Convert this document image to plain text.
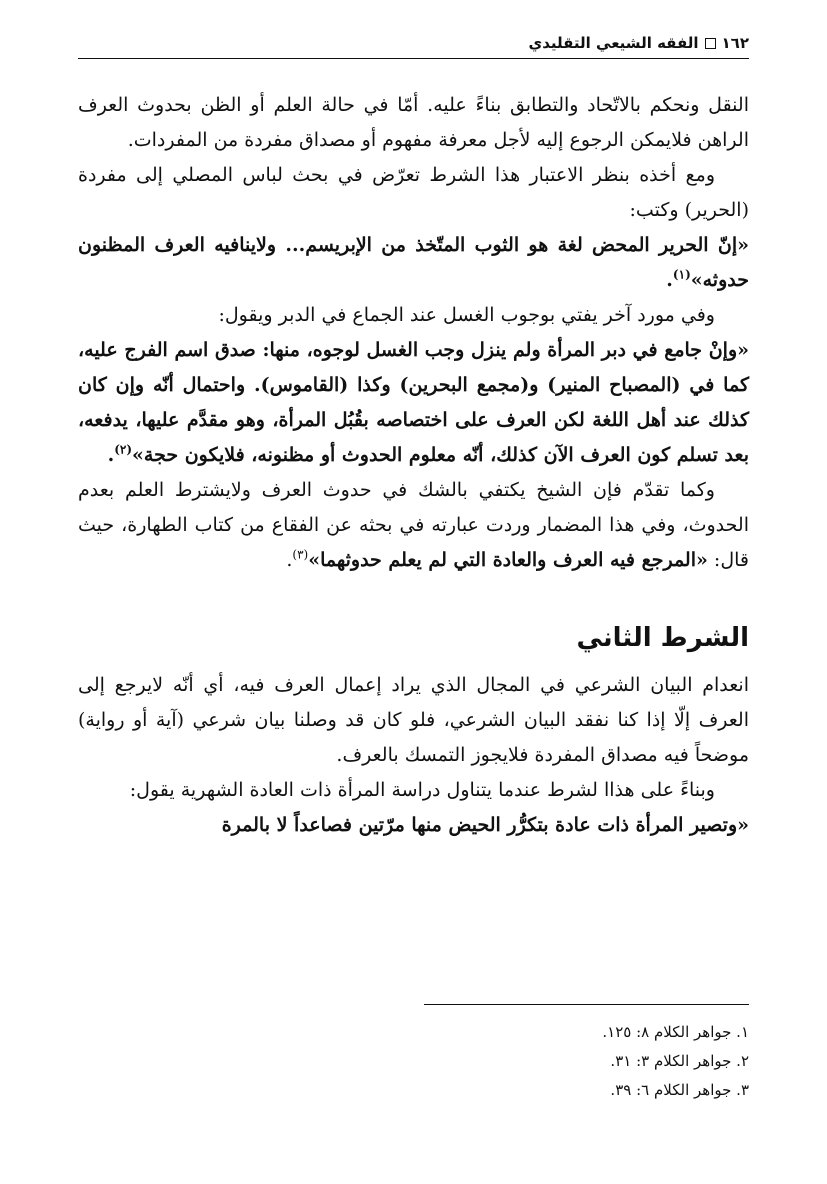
١٦٢
الفقه الشيعي التقليدي

النقل ونحكم بالاتّحاد والتطابق بناءً عليه. أمّا في حالة العلم أو الظن بحدوث العرف الراهن فلايمكن الرجوع إليه لأجل معرفة مفهوم أو مصداق مفردة من المفردات.

ومع أخذه بنظر الاعتبار هذا الشرط تعرّض في بحث لباس المصلي إلى مفردة (الحرير) وكتب:

«إنّ الحرير المحض لغة هو الثوب المتّخذ من الإبريسم... ولاينافيه العرف المظنون حدوثه»$^{(١)}$.

وفي مورد آخر يفتي بوجوب الغسل عند الجماع في الدبر ويقول:

«وإنْ جامع في دبر المرأة ولم ينزل وجب الغسل لوجوه، منها: صدق اسم الفرج عليه، كما في (المصباح المنير) و(مجمع البحرين) وكذا (القاموس). واحتمال أنّه وإن كان كذلك عند أهل اللغة لكن العرف على اختصاصه بقُبُل المرأة، وهو مقدَّم عليها، يدفعه، بعد تسلم كون العرف الآن كذلك، أنّه معلوم الحدوث أو مظنونه، فلايكون حجة»$^{(٢)}$.

وكما تقدّم فإن الشيخ يكتفي بالشك في حدوث العرف ولايشترط العلم بعدم الحدوث، وفي هذا المضمار وردت عبارته في بحثه عن الفقاع من كتاب الطهارة، حيث قال: «المرجع فيه العرف والعادة التي لم يعلم حدوثهما»$^{(٣)}$.

الشرط الثاني

انعدام البيان الشرعي في المجال الذي يراد إعمال العرف فيه، أي أنّه لايرجع إلى العرف إلّا إذا كنا نفقد البيان الشرعي، فلو كان قد وصلنا بيان شرعي (آية أو رواية) موضحاً فيه مصداق المفردة فلايجوز التمسك بالعرف.

وبناءً على هذاا لشرط عندما يتناول دراسة المرأة ذات العادة الشهرية يقول:

«وتصير المرأة ذات عادة بتكرُّر الحيض منها مرّتين فصاعداً لا بالمرة

١. جواهر الكلام ٨: ١٢٥.

٢. جواهر الكلام ٣: ٣١.

٣. جواهر الكلام ٦: ٣٩.
